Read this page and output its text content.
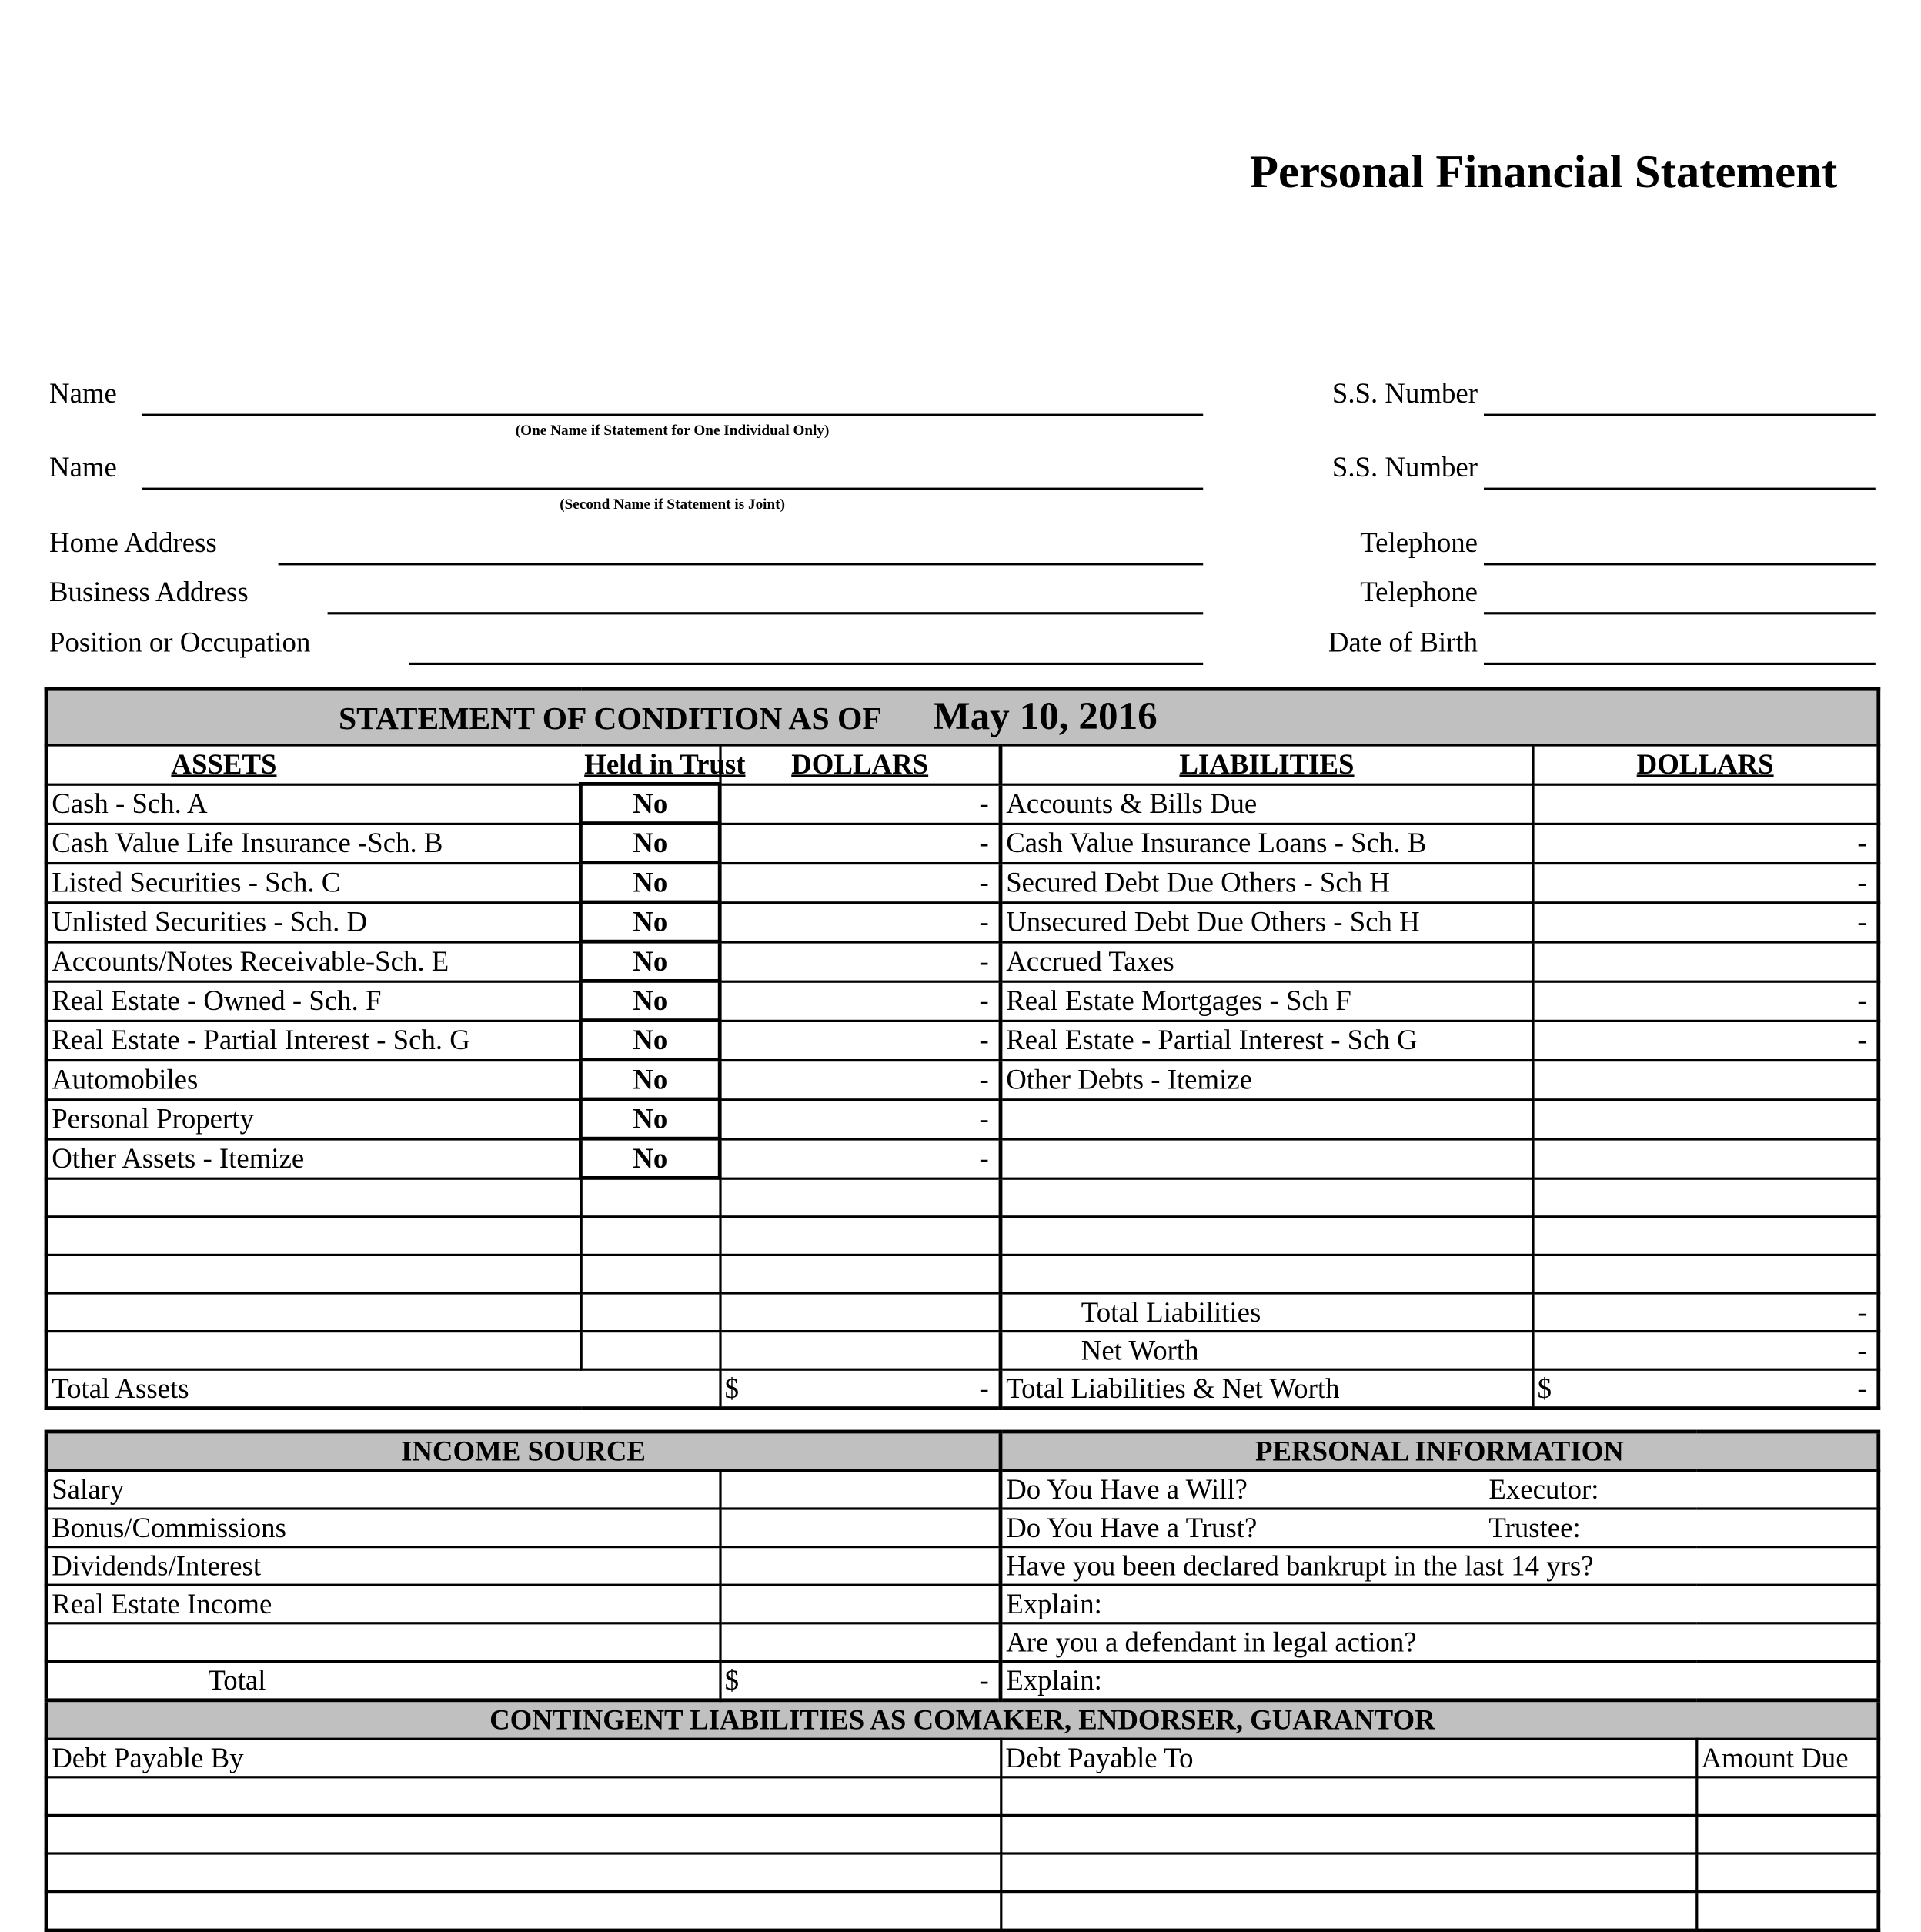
Personal Financial Statement
Name
(One Name if Statement for One Individual Only)
Name
(Second Name if Statement is Joint)
Home Address
Business Address
Position or Occupation
S.S. Number
S.S. Number
Telephone
Telephone
Date of Birth
STATEMENT OF CONDITION AS OF May 10, 2016				
ASSETS	Held in Trust	DOLLARS	LIABILITIES	DOLLARS
Cash - Sch. A	No	-	Accounts & Bills Due	
Cash Value Life Insurance -Sch. B	No	-	Cash Value Insurance Loans - Sch. B	-
Listed Securities - Sch. C	No	-	Secured Debt Due Others - Sch H	-
Unlisted Securities - Sch. D	No	-	Unsecured Debt Due Others - Sch H	-
Accounts/Notes Receivable-Sch. E	No	-	Accrued Taxes	
Real Estate - Owned - Sch. F	No	-	Real Estate Mortgages - Sch F	-
Real Estate - Partial Interest - Sch. G	No	-	Real Estate - Partial Interest - Sch G	-
Automobiles	No	-	Other Debts - Itemize	
Personal Property	No	-		
Other Assets - Itemize	No	-		

			Total Liabilities	-
			Net Worth	-
Total Assets		$ -	Total Liabilities & Net Worth	$ -
INCOME SOURCE		PERSONAL INFORMATION	
Salary		Do You Have a Will? Executor:	

Bonus/Commissions		Do You Have a Trust? Trustee:	

Dividends/Interest		Have you been declared bankrupt in the last 14 yrs?	
Real Estate Income		Explain:	
		Are you a defendant in legal action?	
Total	$ -	Explain:	
CONTINGENT LIABILITIES AS COMAKER, ENDORSER, GUARANTOR			
Debt Payable By		Debt Payable To	Amount Due
